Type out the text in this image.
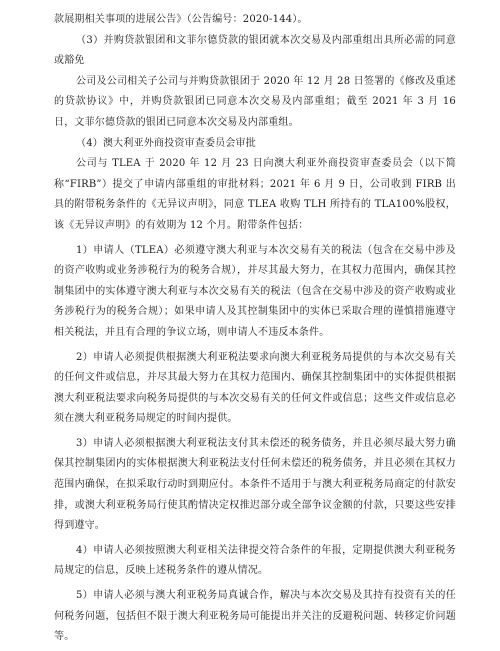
款展期相关事项的进展公告》（公告编号：2020-144）。

（3）并购贷款银团和文菲尔德贷款的银团就本次交易及内部重组出具所必需的同意或豁免

公司及公司相关子公司与并购贷款银团于 2020 年 12 月 28 日签署的《修改及重述的贷款协议》中，并购贷款银团已同意本次交易及内部重组；截至 2021 年 3 月 16 日，文菲尔德贷款的银团已同意本次交易及内部重组。

（4）澳大利亚外商投资审查委员会审批

公司与 TLEA 于 2020 年 12 月 23 日向澳大利亚外商投资审查委员会（以下简称“FIRB”）提交了申请内部重组的审批材料；2021 年 6 月 9 日，公司收到 FIRB 出具的附带税务条件的《无异议声明》，同意 TLEA 收购 TLH 所持有的 TLA100%股权，该《无异议声明》的有效期为 12 个月。附带条件包括：

1）申请人（TLEA）必须遵守澳大利亚与本次交易有关的税法（包含在交易中涉及的资产收购或业务涉税行为的税务合规），并尽其最大努力，在其权力范围内，确保其控制集团中的实体遵守澳大利亚与本次交易有关的税法（包含在交易中涉及的资产收购或业务涉税行为的税务合规）；如果申请人及其控制集团中的实体已采取合理的谨慎措施遵守相关税法，并且有合理的争议立场，则申请人不违反本条件。

2）申请人必须提供根据澳大利亚税法要求向澳大利亚税务局提供的与本次交易有关的任何文件或信息，并尽其最大努力在其权力范围内、确保其控制集团中的实体提供根据澳大利亚税法要求向税务局提供的与本次交易有关的任何文件或信息；这些文件或信息必须在澳大利亚税务局规定的时间内提供。

3）申请人必须根据澳大利亚税法支付其未偿还的税务债务，并且必须尽最大努力确保其控制集团内的实体根据澳大利亚税法支付任何未偿还的税务债务，并且必须在其权力范围内确保，在拟采取行动时到期应付。本条件不适用于与澳大利亚税务局商定的付款安排，或澳大利亚税务局行使其酌情决定权推迟部分或全部争议金额的付款，只要这些安排得到遵守。

4）申请人必须按照澳大利亚相关法律提交符合条件的年报，定期提供澳大利亚税务局规定的信息，反映上述税务条件的遵从情况。

5）申请人必须与澳大利亚税务局真诚合作，解决与本次交易及其持有投资有关的任何税务问题，包括但不限于澳大利亚税务局可能提出并关注的反避税问题、转移定价问题等。
